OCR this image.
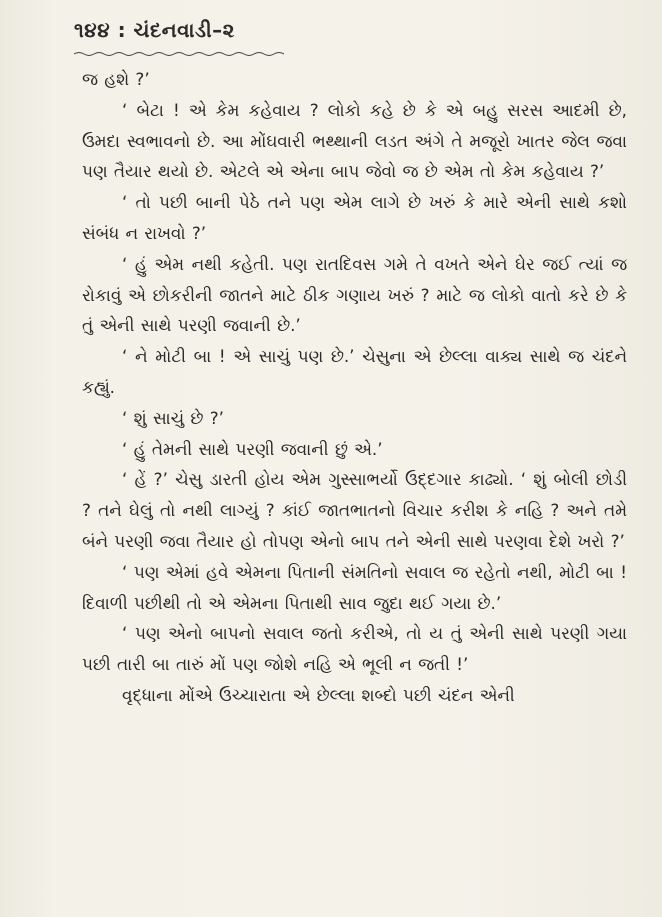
૧૪૪ : ચંદનવાડી–૨

જ હશે ?’

‘ બેટા ! એ કેમ કહેવાય ? લોકો કહે છે કે એ બહુ સરસ આદમી છે, ઉમદા સ્વભાવનો છે. આ મોંઘવારી ભથ્થાની લડત અંગે તે મજૂરો ખાતર જેલ જવા પણ તૈયાર થયો છે. એટલે એ એના બાપ જેવો જ છે એમ તો કેમ કહેવાય ?’

‘ તો પછી બાની પેઠે તને પણ એમ લાગે છે ખરું કે મારે એની સાથે કશો સંબંધ ન રાખવો ?’

‘ હું એમ નથી કહેતી. પણ રાતદિવસ ગમે તે વખતે એને ઘેર જઈ ત્યાં જ રોકાવું એ છોકરીની જાતને માટે ઠીક ગણાય ખરું ? માટે જ લોકો વાતો કરે છે કે તું એની સાથે પરણી જવાની છે.’

‘ ને મોટી બા ! એ સાચું પણ છે.’ ચેસુના એ છેલ્લા વાક્ય સાથે જ ચંદને કહ્યું.

‘ શું સાચું છે ?’

‘ હું તેમની સાથે પરણી જવાની છું એ.’

‘ હેં ?’ ચેસુ ડારતી હોય એમ ગુસ્સાભર્યો ઉદ્દગાર કાઢ્યો. ‘ શું બોલી છોડી ? તને ઘેલું તો નથી લાગ્યું ? કાંઈ જાતભાતનો વિચાર કરીશ કે નહિ ? અને તમે બંને પરણી જવા તૈયાર હો તોપણ એનો બાપ તને એની સાથે પરણવા દેશે ખરો ?’

‘ પણ એમાં હવે એમના પિતાની સંમતિનો સવાલ જ રહેતો નથી, મોટી બા ! દિવાળી પછીથી તો એ એમના પિતાથી સાવ જુદા થઈ ગયા છે.’

‘ પણ એનો બાપનો સવાલ જતો કરીએ, તો ય તું એની સાથે પરણી ગયા પછી તારી બા તારું મોં પણ જોશે નહિ એ ભૂલી ન જતી !’

વૃદ્ધાના મોંએ ઉચ્ચારાતા એ છેલ્લા શબ્દો પછી ચંદન એની
